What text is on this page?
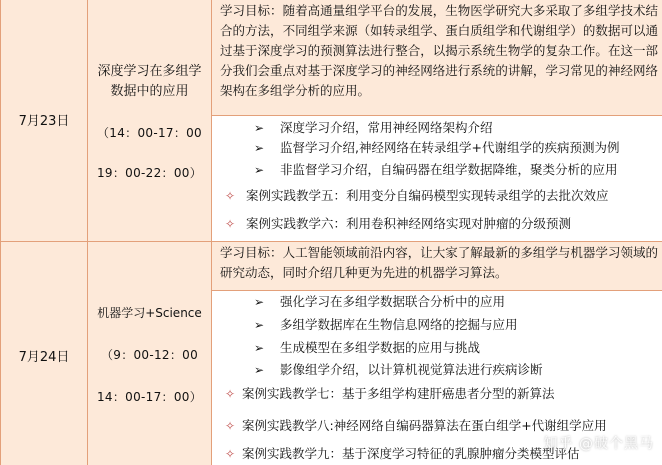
7月23日
深度学习在多组学
数据中的应用
（14：00-17：00
19：00-22：00）
学习目标：随着高通量组学平台的发展，生物医学研究大多采取了多组学技术结合的方法，不同组学来源（如转录组学、蛋白质组学和代谢组学）的数据可以通过基于深度学习的预测算法进行整合，以揭示系统生物学的复杂工作。在这一部分我们会重点对基于深度学习的神经网络进行系统的讲解，学习常见的神经网络架构在多组学分析的应用。
➢ 深度学习介绍，常用神经网络架构介绍
➢ 监督学习介绍,神经网络在转录组学+代谢组学的疾病预测为例
➢ 非监督学习介绍，自编码器在组学数据降维，聚类分析的应用
✧ 案例实践教学五：利用变分自编码模型实现转录组学的去批次效应
✧ 案例实践教学六：利用卷积神经网络实现对肿瘤的分级预测
7月24日
机器学习+Science
（9：00-12：00
14：00-17：00）
学习目标：人工智能领域前沿内容，让大家了解最新的多组学与机器学习领域的研究动态，同时介绍几种更为先进的机器学习算法。
➢ 强化学习在多组学数据联合分析中的应用
➢ 多组学数据库在生物信息网络的挖掘与应用
➢ 生成模型在多组学数据的应用与挑战
➢ 影像组学介绍，以计算机视觉算法进行疾病诊断
✧ 案例实践教学七：基于多组学构建肝癌患者分型的新算法
✧ 案例实践教学八:神经网络自编码器算法在蛋白组学+代谢组学应用
✧ 案例实践教学九：基于深度学习特征的乳腺肿瘤分类模型评估
知乎 @破个黑马
